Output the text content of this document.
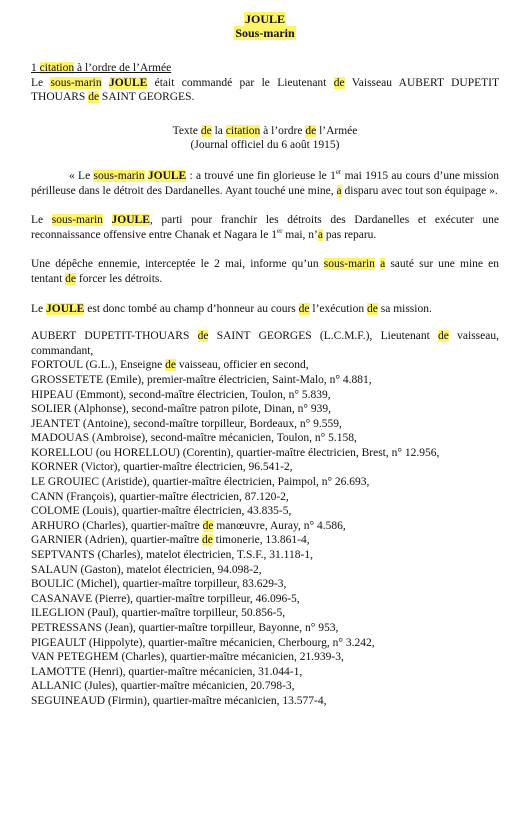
JOULE
Sous-marin

1 citation à l’ordre de l’Armée

Le sous-marin JOULE était commandé par le Lieutenant de Vaisseau AUBERT DUPETIT THOUARS de SAINT GEORGES.

Texte de la citation à l’ordre de l’Armée
(Journal officiel du 6 août 1915)

« Le sous-marin JOULE : a trouvé une fin glorieuse le 1er mai 1915 au cours d’une mission périlleuse dans le détroit des Dardanelles. Ayant touché une mine, a disparu avec tout son équipage ».

Le sous-marin JOULE, parti pour franchir les détroits des Dardanelles et exécuter une reconnaissance offensive entre Chanak et Nagara le 1er mai, n’a pas reparu.

Une dépêche ennemie, interceptée le 2 mai, informe qu’un sous-marin a sauté sur une mine en tentant de forcer les détroits.

Le JOULE est donc tombé au champ d’honneur au cours de l’exécution de sa mission.

AUBERT DUPETIT-THOUARS de SAINT GEORGES (L.C.M.F.), Lieutenant de vaisseau, commandant,
FORTOUL (G.L.), Enseigne de vaisseau, officier en second,
GROSSETETE (Emile), premier-maître électricien, Saint-Malo, n° 4.881,
HIPEAU (Emmont), second-maître électricien, Toulon, n° 5.839,
SOLIER (Alphonse), second-maître patron pilote, Dinan, n° 939,
JEANTET (Antoine), second-maître torpilleur, Bordeaux, n° 9.559,
MADOUAS (Ambroise), second-maître mécanicien, Toulon, n° 5.158,
KORELLOU (ou HORELLOU) (Corentin), quartier-maître électricien, Brest, n° 12.956,
KORNER (Victor), quartier-maître électricien, 96.541-2,
LE GROUIEC (Aristide), quartier-maître électricien, Paimpol, n° 26.693,
CANN (François), quartier-maître électricien, 87.120-2,
COLOME (Louis), quartier-maître électricien, 43.835-5,
ARHURO (Charles), quartier-maître de manœuvre, Auray, n° 4.586,
GARNIER (Adrien), quartier-maître de timonerie, 13.861-4,
SEPTVANTS (Charles), matelot électricien, T.S.F., 31.118-1,
SALAUN (Gaston), matelot électricien, 94.098-2,
BOULIC (Michel), quartier-maître torpilleur, 83.629-3,
CASANAVE (Pierre), quartier-maître torpilleur, 46.096-5,
ILEGLION (Paul), quartier-maître torpilleur, 50.856-5,
PETRESSANS (Jean), quartier-maître torpilleur, Bayonne, n° 953,
PIGEAULT (Hippolyte), quartier-maître mécanicien, Cherbourg, n° 3.242,
VAN PETEGHEM (Charles), quartier-maître mécanicien, 21.939-3,
LAMOTTE (Henri), quartier-maître mécanicien, 31.044-1,
ALLANIC (Jules), quartier-maître mécanicien, 20.798-3,
SEGUINEAUD (Firmin), quartier-maître mécanicien, 13.577-4,
